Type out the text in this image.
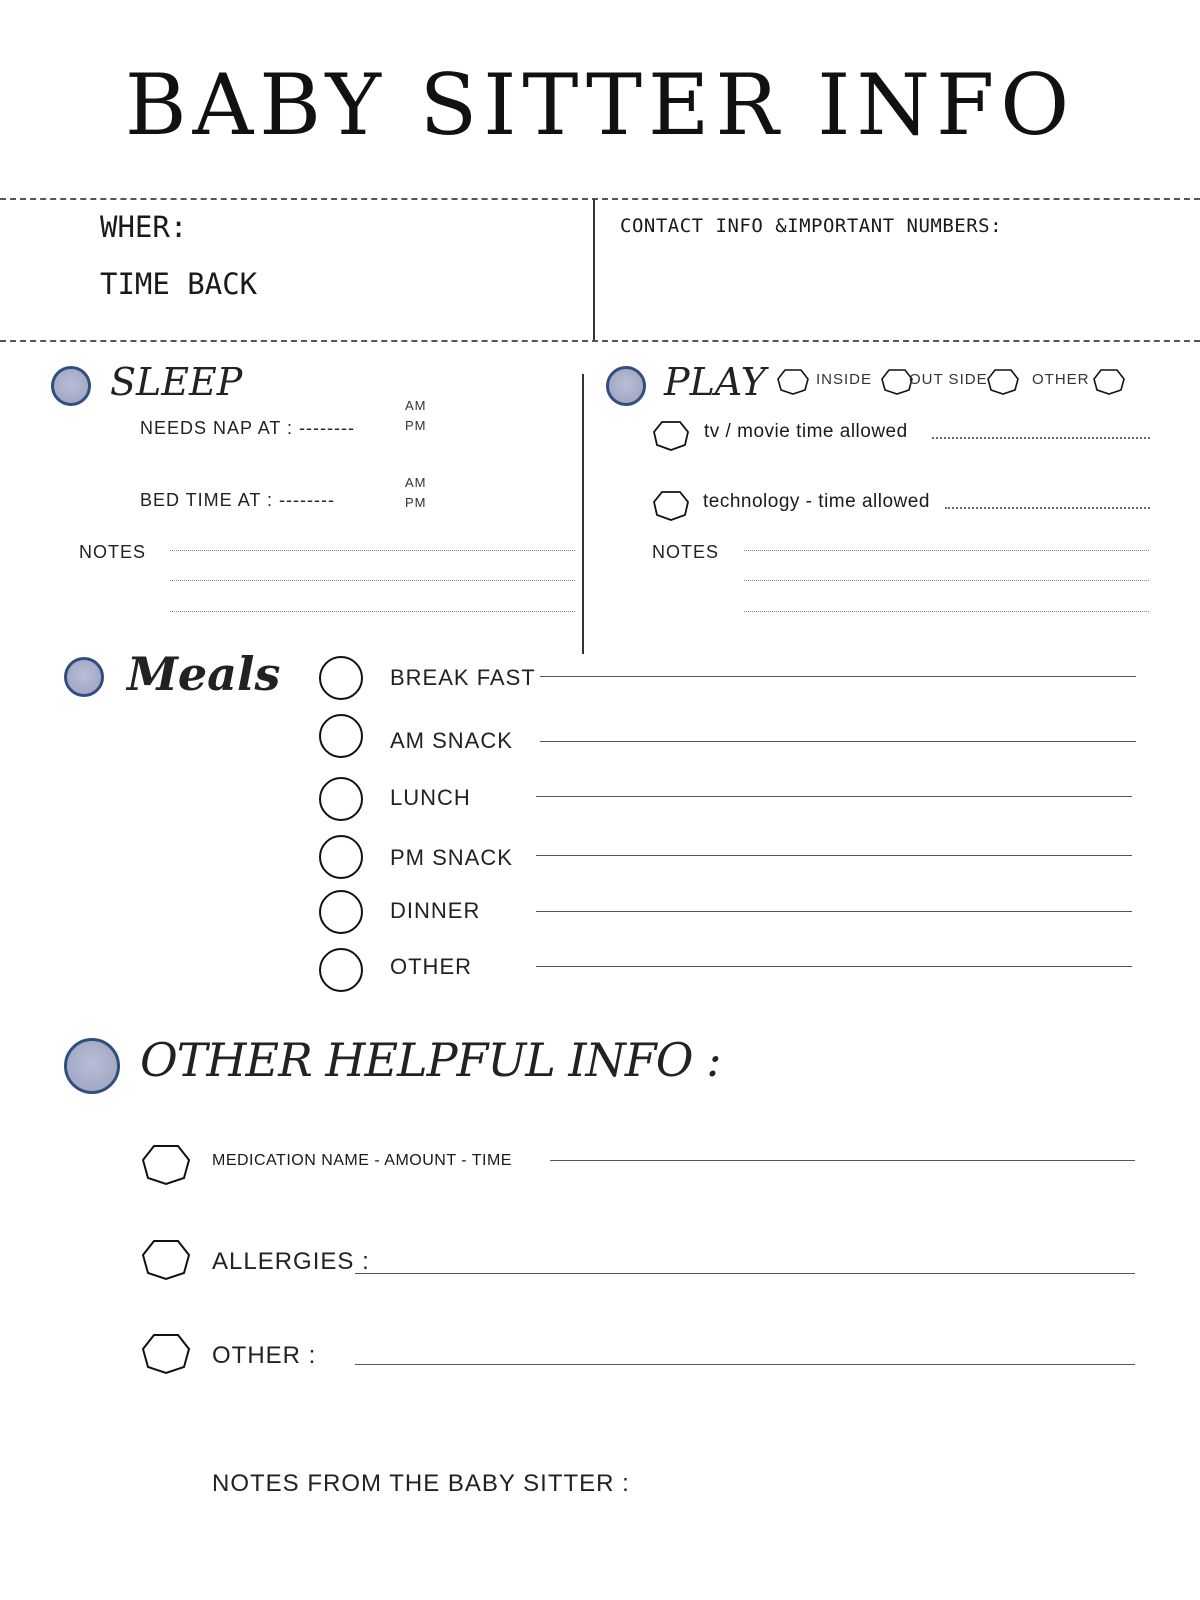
BABY SITTER INFO
WHER:
TIME BACK
CONTACT INFO &IMPORTANT NUMBERS:
SLEEP
NEEDS NAP AT : --------
AM
PM
BED TIME AT : --------
AM
PM
NOTES
PLAY	INSIDE OUT SIDE	OTHER
tv / movie time allowed
technology - time allowed
NOTES
Meals	BREAK FAST
AM SNACK
LUNCH
PM SNACK
DINNER
OTHER
OTHER HELPFUL INFO :
MEDICATION NAME - AMOUNT - TIME
ALLERGIES :
OTHER :
NOTES FROM THE BABY SITTER :
